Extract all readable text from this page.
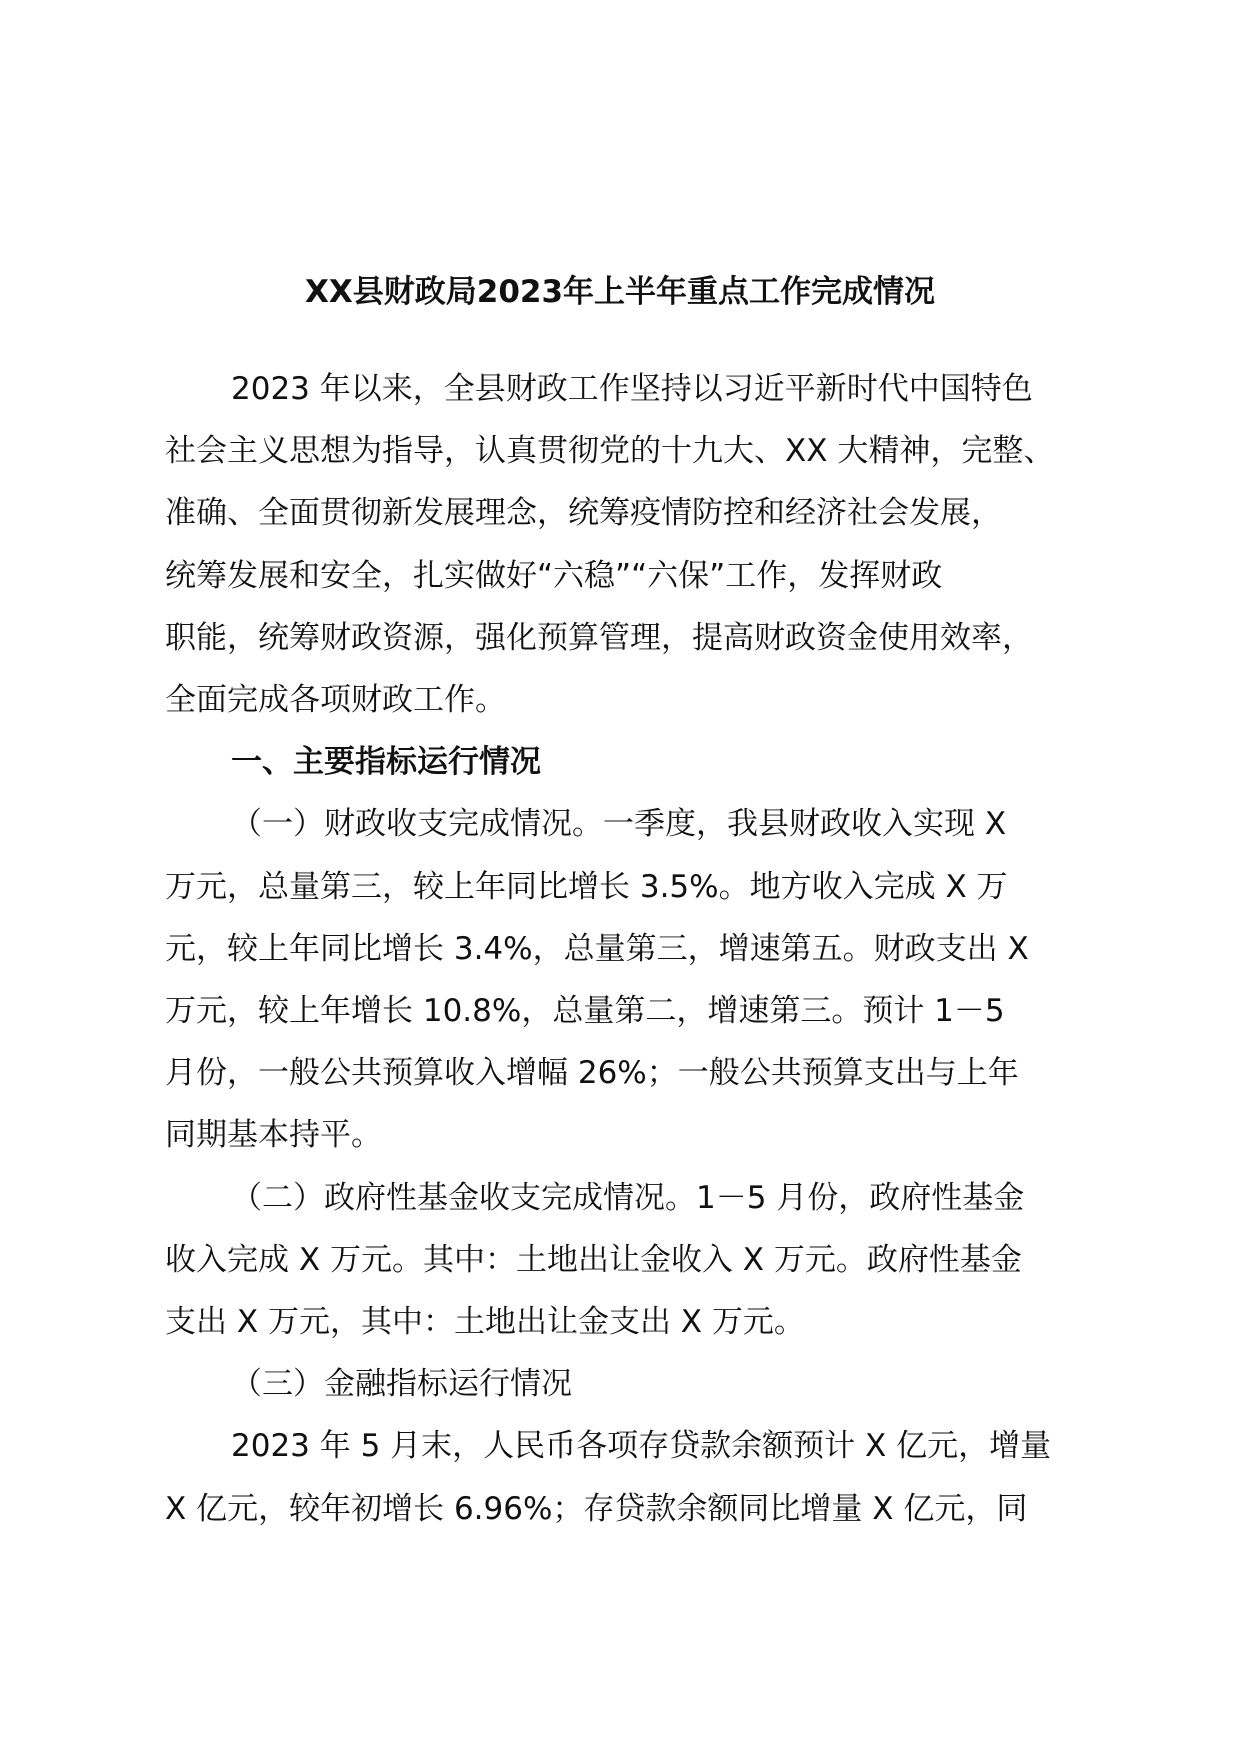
XX县财政局2023年上半年重点工作完成情况

2023 年以来，全县财政工作坚持以习近平新时代中国特色
社会主义思想为指导，认真贯彻党的十九大、XX 大精神，完整、
准确、全面贯彻新发展理念，统筹疫情防控和经济社会发展，
统筹发展和安全，扎实做好“六稳”“六保”工作，发挥财政
职能，统筹财政资源，强化预算管理，提高财政资金使用效率，
全面完成各项财政工作。

一、主要指标运行情况

（一）财政收支完成情况。一季度，我县财政收入实现 X
万元，总量第三，较上年同比增长 3.5%。地方收入完成 X 万
元，较上年同比增长 3.4%，总量第三，增速第五。财政支出 X
万元，较上年增长 10.8%，总量第二，增速第三。预计 1－5
月份，一般公共预算收入增幅 26%；一般公共预算支出与上年
同期基本持平。

（二）政府性基金收支完成情况。1－5 月份，政府性基金
收入完成 X 万元。其中：土地出让金收入 X 万元。政府性基金
支出 X 万元，其中：土地出让金支出 X 万元。

（三）金融指标运行情况

2023 年 5 月末，人民币各项存贷款余额预计 X 亿元，增量
X 亿元，较年初增长 6.96%；存贷款余额同比增量 X 亿元，同
